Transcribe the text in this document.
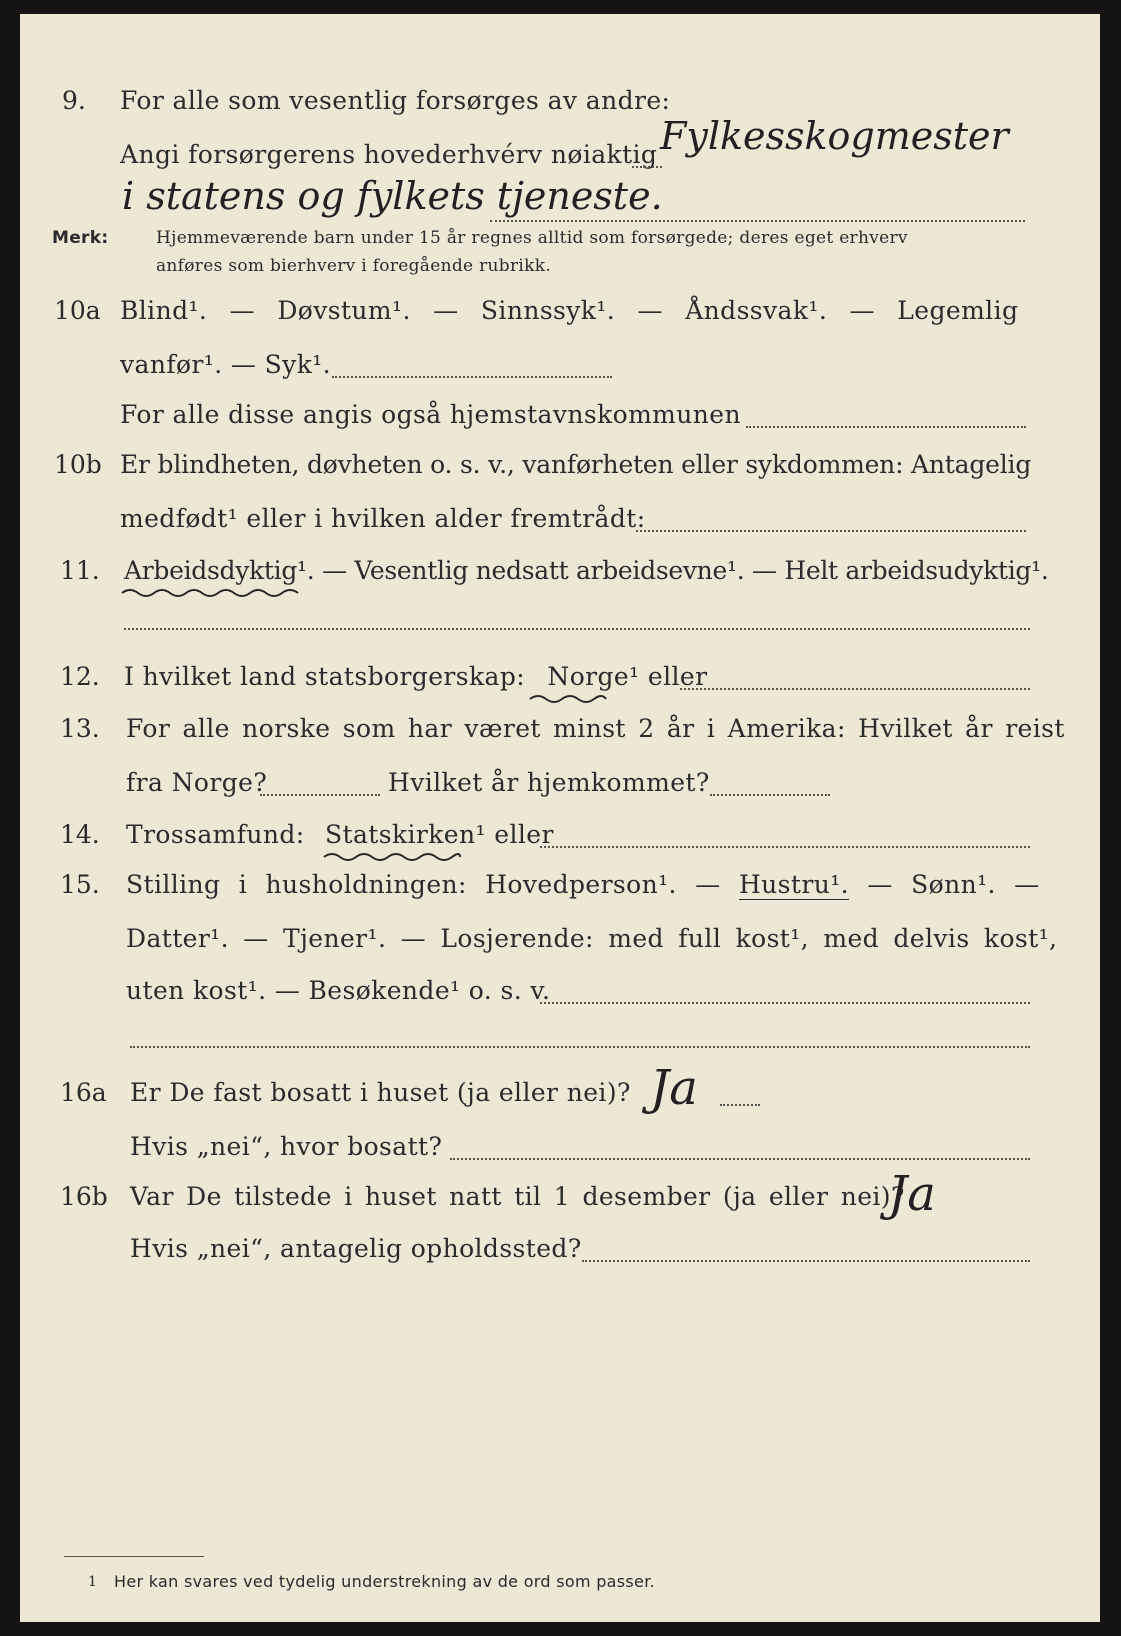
9. For alle som vesentlig forsørges av andre:
Angi forsørgerens hovederhvérv nøiaktig Fylkesskogmester
i statens og fylkets tjeneste.
Merk:	Hjemmeværende barn under 15 år regnes alltid som forsørgede; deres eget erhverv
anføres som bierhverv i foregående rubrikk.
10a Blind¹. — Døvstum¹. — Sinnssyk¹. — Åndssvak¹. — Legemlig
vanfør¹. — Syk¹.
For alle disse angis også hjemstavnskommunen
10b Er blindheten, døvheten o. s. v., vanførheten eller sykdommen: Antagelig
medfødt¹ eller i hvilken alder fremtrådt:
11. Arbeidsdyktig¹. — Vesentlig nedsatt arbeidsevne¹. — Helt arbeidsudyktig¹.
12. I hvilket land statsborgerskap: Norge¹ eller
13. For alle norske som har været minst 2 år i Amerika: Hvilket år reist
fra Norge?	Hvilket år hjemkommet?
14. Trossamfund: Statskirken¹ eller
15. Stilling i husholdningen: Hovedperson¹. — Hustru¹. — Sønn¹. —
Datter¹. — Tjener¹. — Losjerende: med full kost¹, med delvis kost¹,
uten kost¹. — Besøkende¹ o. s. v.
16a Er De fast bosatt i huset (ja eller nei)? Ja
Hvis „nei“, hvor bosatt?
16b Var De tilstede i huset natt til 1 desember (ja eller nei)?
Ja
Hvis „nei“, antagelig opholdssted?
1 Her kan svares ved tydelig understrekning av de ord som passer.
